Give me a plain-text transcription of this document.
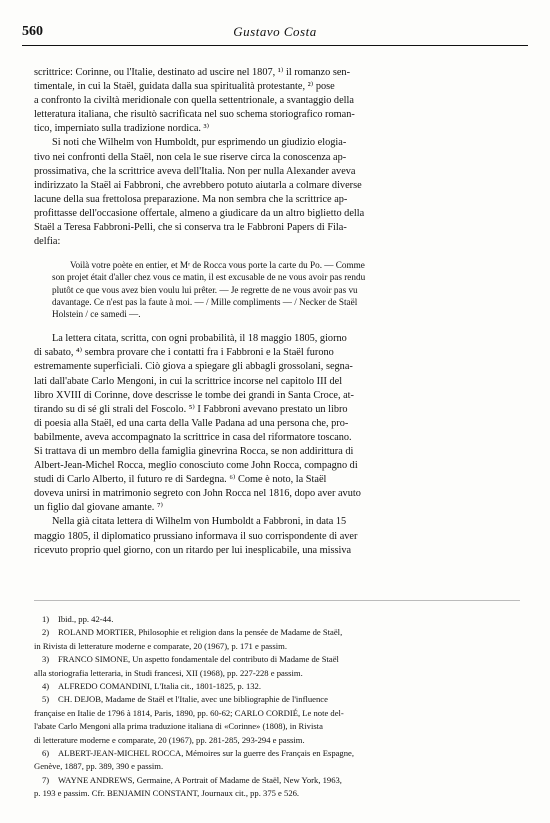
560	Gustavo Costa

scrittrice: Corinne, ou l'Italie, destinato ad uscire nel 1807, ¹⁾ il romanzo sen-
timentale, in cui la Staël, guidata dalla sua spiritualità protestante, ²⁾ pose
a confronto la civiltà meridionale con quella settentrionale, a svantaggio della
letteratura italiana, che risultò sacrificata nel suo schema storiografico roman-
tico, imperniato sulla tradizione nordica. ³⁾

Si noti che Wilhelm von Humboldt, pur esprimendo un giudizio elogia-
tivo nei confronti della Staël, non cela le sue riserve circa la conoscenza ap-
prossimativa, che la scrittrice aveva dell'Italia. Non per nulla Alexander aveva
indirizzato la Staël ai Fabbroni, che avrebbero potuto aiutarla a colmare diverse
lacune della sua frettolosa preparazione. Ma non sembra che la scrittrice ap-
profittasse dell'occasione offertale, almeno a giudicare da un altro biglietto della
Staël a Teresa Fabbroni-Pelli, che si conserva tra le Fabbroni Papers di Fila-
delfia:

Voilà votre poète en entier, et Mʳ de Rocca vous porte la carte du Po. — Comme
son projet était d'aller chez vous ce matin, il est excusable de ne vous avoir pas rendu
plutôt ce que vous avez bien voulu lui prêter. — Je regrette de ne vous avoir pas vu
davantage. Ce n'est pas la faute à moi. — / Mille compliments — / Necker de Staël
Holstein / ce samedi —.

La lettera citata, scritta, con ogni probabilità, il 18 maggio 1805, giorno
di sabato, ⁴⁾ sembra provare che i contatti fra i Fabbroni e la Staël furono
estremamente superficiali. Ciò giova a spiegare gli abbagli grossolani, segna-
lati dall'abate Carlo Mengoni, in cui la scrittrice incorse nel capitolo III del
libro XVIII di Corinne, dove descrisse le tombe dei grandi in Santa Croce, at-
tirando su di sé gli strali del Foscolo. ⁵⁾ I Fabbroni avevano prestato un libro
di poesia alla Staël, ed una carta della Valle Padana ad una persona che, pro-
babilmente, aveva accompagnato la scrittrice in casa del riformatore toscano.
Si trattava di un membro della famiglia ginevrina Rocca, se non addirittura di
Albert-Jean-Michel Rocca, meglio conosciuto come John Rocca, compagno di
studi di Carlo Alberto, il futuro re di Sardegna. ⁶⁾ Come è noto, la Staël
doveva unirsi in matrimonio segreto con John Rocca nel 1816, dopo aver avuto
un figlio dal giovane amante. ⁷⁾

Nella già citata lettera di Wilhelm von Humboldt a Fabbroni, in data 15
maggio 1805, il diplomatico prussiano informava il suo corrispondente di aver
ricevuto proprio quel giorno, con un ritardo per lui inesplicabile, una missiva

1) Ibid., pp. 42-44.
2) ROLAND MORTIER, Philosophie et religion dans la pensée de Madame de Staël,
in Rivista di letterature moderne e comparate, 20 (1967), p. 171 e passim.
3) FRANCO SIMONE, Un aspetto fondamentale del contributo di Madame de Staël
alla storiografia letteraria, in Studi francesi, XII (1968), pp. 227-228 e passim.
4) ALFREDO COMANDINI, L'Italia cit., 1801-1825, p. 132.
5) CH. DEJOB, Madame de Staël et l'Italie, avec une bibliographie de l'influence
française en Italie de 1796 à 1814, Paris, 1890, pp. 60-62; CARLO CORDIÉ, Le note del-
l'abate Carlo Mengoni alla prima traduzione italiana di «Corinne» (1808), in Rivista
di letterature moderne e comparate, 20 (1967), pp. 281-285, 293-294 e passim.
6) ALBERT-JEAN-MICHEL ROCCA, Mémoires sur la guerre des Français en Espagne,
Genève, 1887, pp. 389, 390 e passim.
7) WAYNE ANDREWS, Germaine, A Portrait of Madame de Staël, New York, 1963,
p. 193 e passim. Cfr. BENJAMIN CONSTANT, Journaux cit., pp. 375 e 526.
